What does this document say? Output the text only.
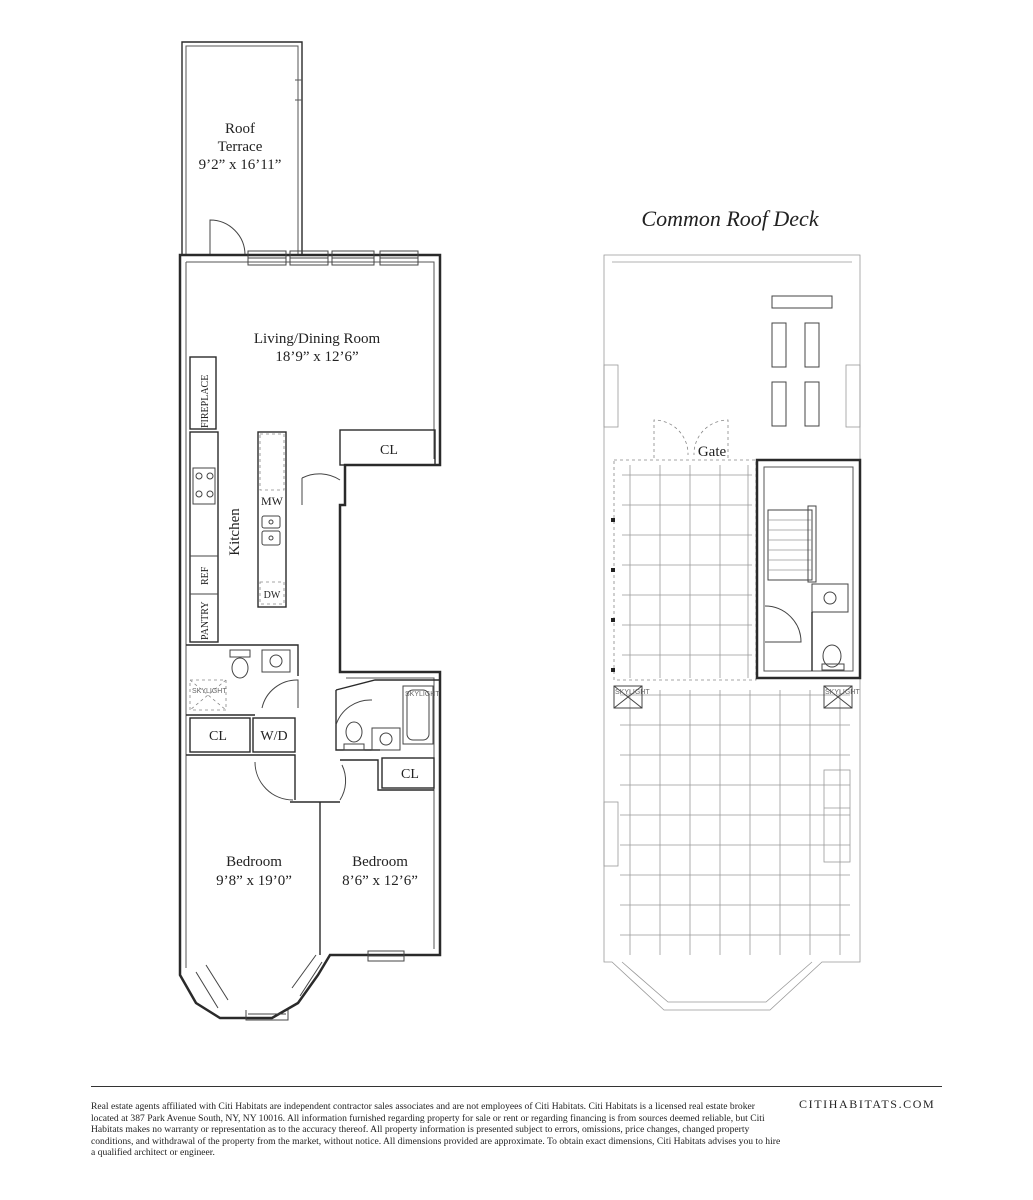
Roof
Terrace
9’2” x 16’11”
FIREPLACE
CL
Living/Dining Room
18’9” x 12’6”
REF
PANTRY
Kitchen
MW
DW
SKYLIGHT
CL W/D
SKYLIGHT
CL
Bedroom
9’8” x 19’0”
Bedroom
8’6” x 12’6”
Common Roof Deck
Gate
SKYLIGHT	SKYLIGHT

Real estate agents affiliated with Citi Habitats are independent contractor sales associates and are not employees of Citi Habitats. Citi Habitats is a licensed real estate broker located at 387 Park Avenue South, NY, NY 10016. All information furnished regarding property for sale or rent or regarding financing is from sources deemed reliable, but Citi Habitats makes no warranty or representation as to the accuracy thereof. All property information is presented subject to errors, omissions, price changes, changed property conditions, and withdrawal of the property from the market, without notice. All dimensions provided are approximate. To obtain exact dimensions, Citi Habitats advises you to hire a qualified architect or engineer.

CITIHABITATS.COM
